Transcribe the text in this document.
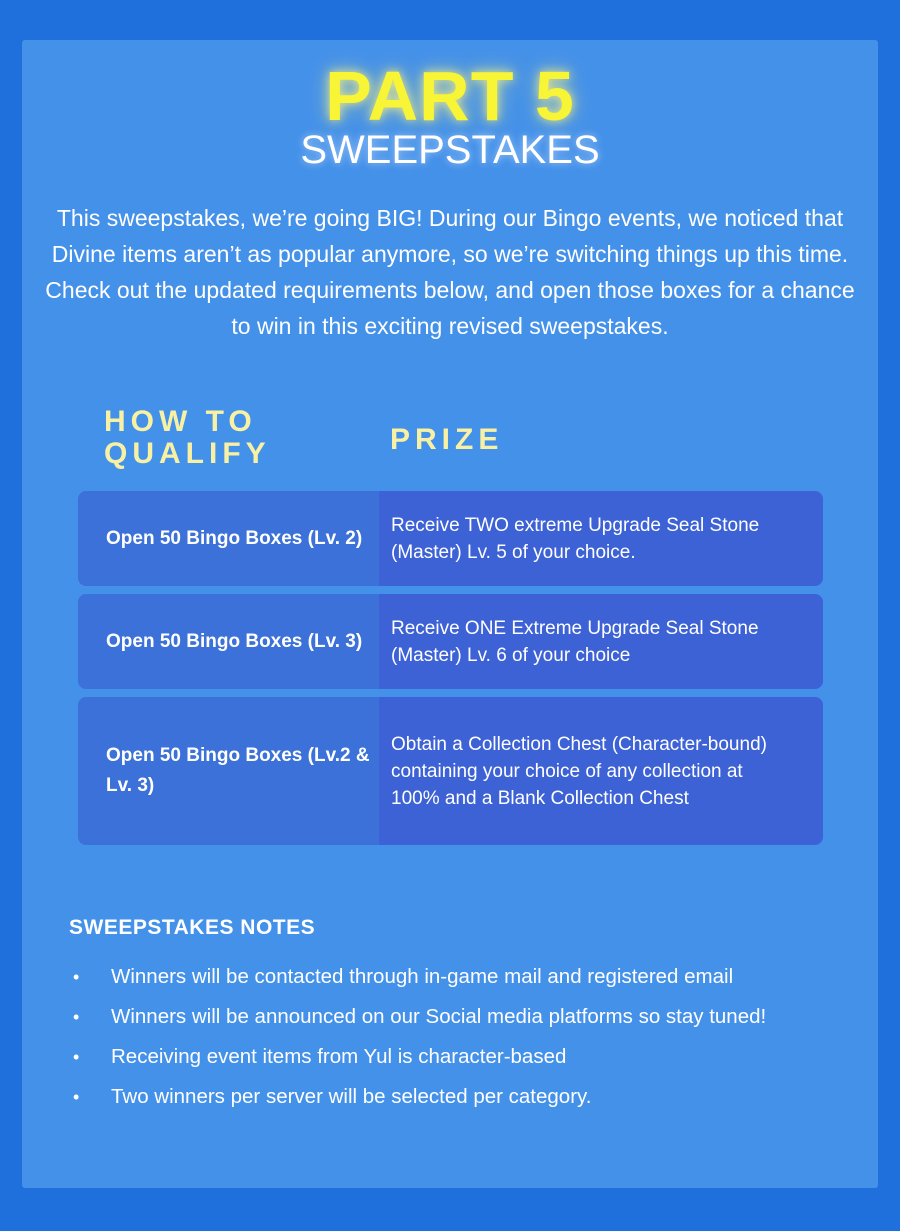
PART 5
SWEEPSTAKES

This sweepstakes, we’re going BIG! During our Bingo events, we noticed that Divine items aren’t as popular anymore, so we’re switching things up this time. Check out the updated requirements below, and open those boxes for a chance to win in this exciting revised sweepstakes.

HOW TO QUALIFY	PRIZE
Open 50 Bingo Boxes (Lv. 2)
Receive TWO extreme Upgrade Seal Stone (Master) Lv. 5 of your choice.
Open 50 Bingo Boxes (Lv. 3)
Receive ONE Extreme Upgrade Seal Stone (Master) Lv. 6 of your choice
Open 50 Bingo Boxes (Lv.2 & Lv. 3)
Obtain a Collection Chest (Character-bound) containing your choice of any collection at 100% and a Blank Collection Chest
SWEEPSTAKES NOTES
• Winners will be contacted through in-game mail and registered email
• Winners will be announced on our Social media platforms so stay tuned!
• Receiving event items from Yul is character-based
• Two winners per server will be selected per category.
